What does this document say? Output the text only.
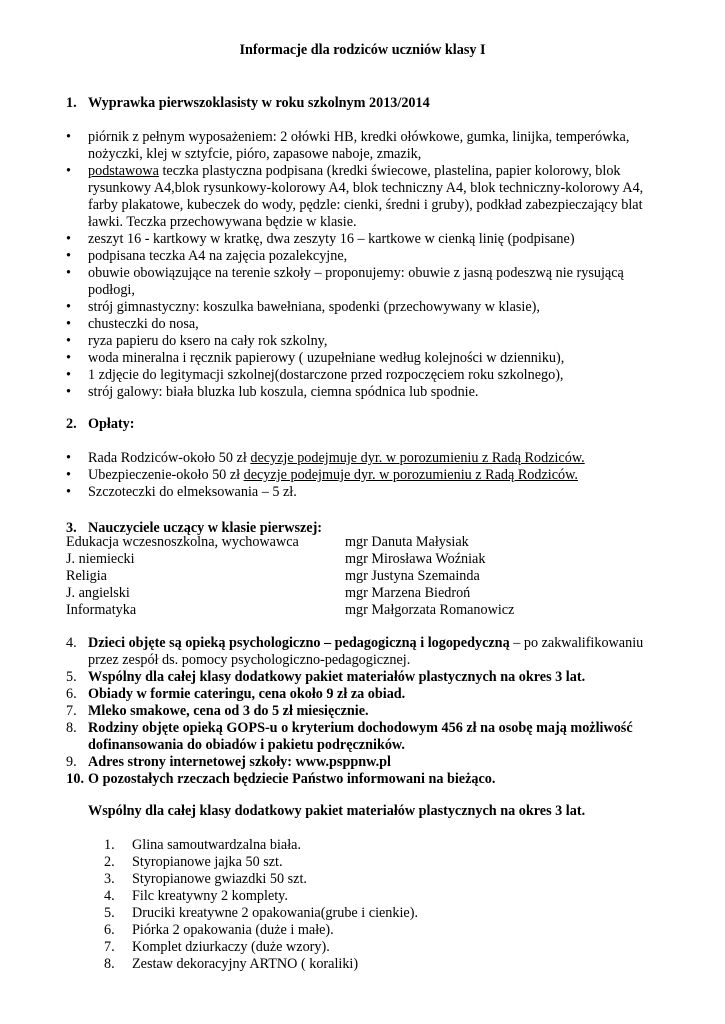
Informacje dla rodziców uczniów klasy I
1. Wyprawka pierwszoklasisty w roku szkolnym 2013/2014
• piórnik z pełnym wyposażeniem: 2 ołówki HB, kredki ołówkowe, gumka, linijka, temperówka, nożyczki, klej w sztyfcie, pióro, zapasowe naboje, zmazik,
• podstawowa teczka plastyczna podpisana (kredki świecowe, plastelina, papier kolorowy, blok rysunkowy A4,blok rysunkowy-kolorowy A4, blok techniczny A4, blok techniczny-kolorowy A4, farby plakatowe, kubeczek do wody, pędzle: cienki, średni i gruby), podkład zabezpieczający blat ławki. Teczka przechowywana będzie w klasie.
• zeszyt 16 - kartkowy w kratkę, dwa zeszyty 16 – kartkowe w cienką linię (podpisane)
• podpisana teczka A4 na zajęcia pozalekcyjne,
• obuwie obowiązujące na terenie szkoły – proponujemy: obuwie z jasną podeszwą nie rysującą podłogi,
• strój gimnastyczny: koszulka bawełniana, spodenki (przechowywany w klasie),
• chusteczki do nosa,
• ryza papieru do ksero na cały rok szkolny,
• woda mineralna i ręcznik papierowy ( uzupełniane według kolejności w dzienniku),
• 1 zdjęcie do legitymacji szkolnej(dostarczone przed rozpoczęciem roku szkolnego),
• strój galowy: biała bluzka lub koszula, ciemna spódnica lub spodnie.
2. Opłaty:
• Rada Rodziców-około 50 zł decyzje podejmuje dyr. w porozumieniu z Radą Rodziców.
• Ubezpieczenie-około 50 zł decyzje podejmuje dyr. w porozumieniu z Radą Rodziców.
• Szczoteczki do elmeksowania – 5 zł.
3. Nauczyciele uczący w klasie pierwszej:
Edukacja wczesnoszkolna, wychowawca	mgr Danuta Małysiak
J. niemiecki	mgr Mirosława Woźniak
Religia	mgr Justyna Szemainda
J. angielski	mgr Marzena Biedroń
Informatyka	mgr Małgorzata Romanowicz
4. Dzieci objęte są opieką psychologiczno – pedagogiczną i logopedyczną – po zakwalifikowaniu przez zespół ds. pomocy psychologiczno-pedagogicznej.
5. Wspólny dla całej klasy dodatkowy pakiet materiałów plastycznych na okres 3 lat.
6. Obiady w formie cateringu, cena około 9 zł za obiad.
7. Mleko smakowe, cena od 3 do 5 zł miesięcznie.
8. Rodziny objęte opieką GOPS-u o kryterium dochodowym 456 zł na osobę mają możliwość dofinansowania do obiadów i pakietu podręczników.
9. Adres strony internetowej szkoły: www.psppnw.pl
10. O pozostałych rzeczach będziecie Państwo informowani na bieżąco.
Wspólny dla całej klasy dodatkowy pakiet materiałów plastycznych na okres 3 lat.
1. Glina samoutwardzalna biała.
2. Styropianowe jajka 50 szt.
3. Styropianowe gwiazdki 50 szt.
4. Filc kreatywny 2 komplety.
5. Druciki kreatywne 2 opakowania(grube i cienkie).
6. Piórka 2 opakowania (duże i małe).
7. Komplet dziurkaczy (duże wzory).
8. Zestaw dekoracyjny ARTNO ( koraliki)
